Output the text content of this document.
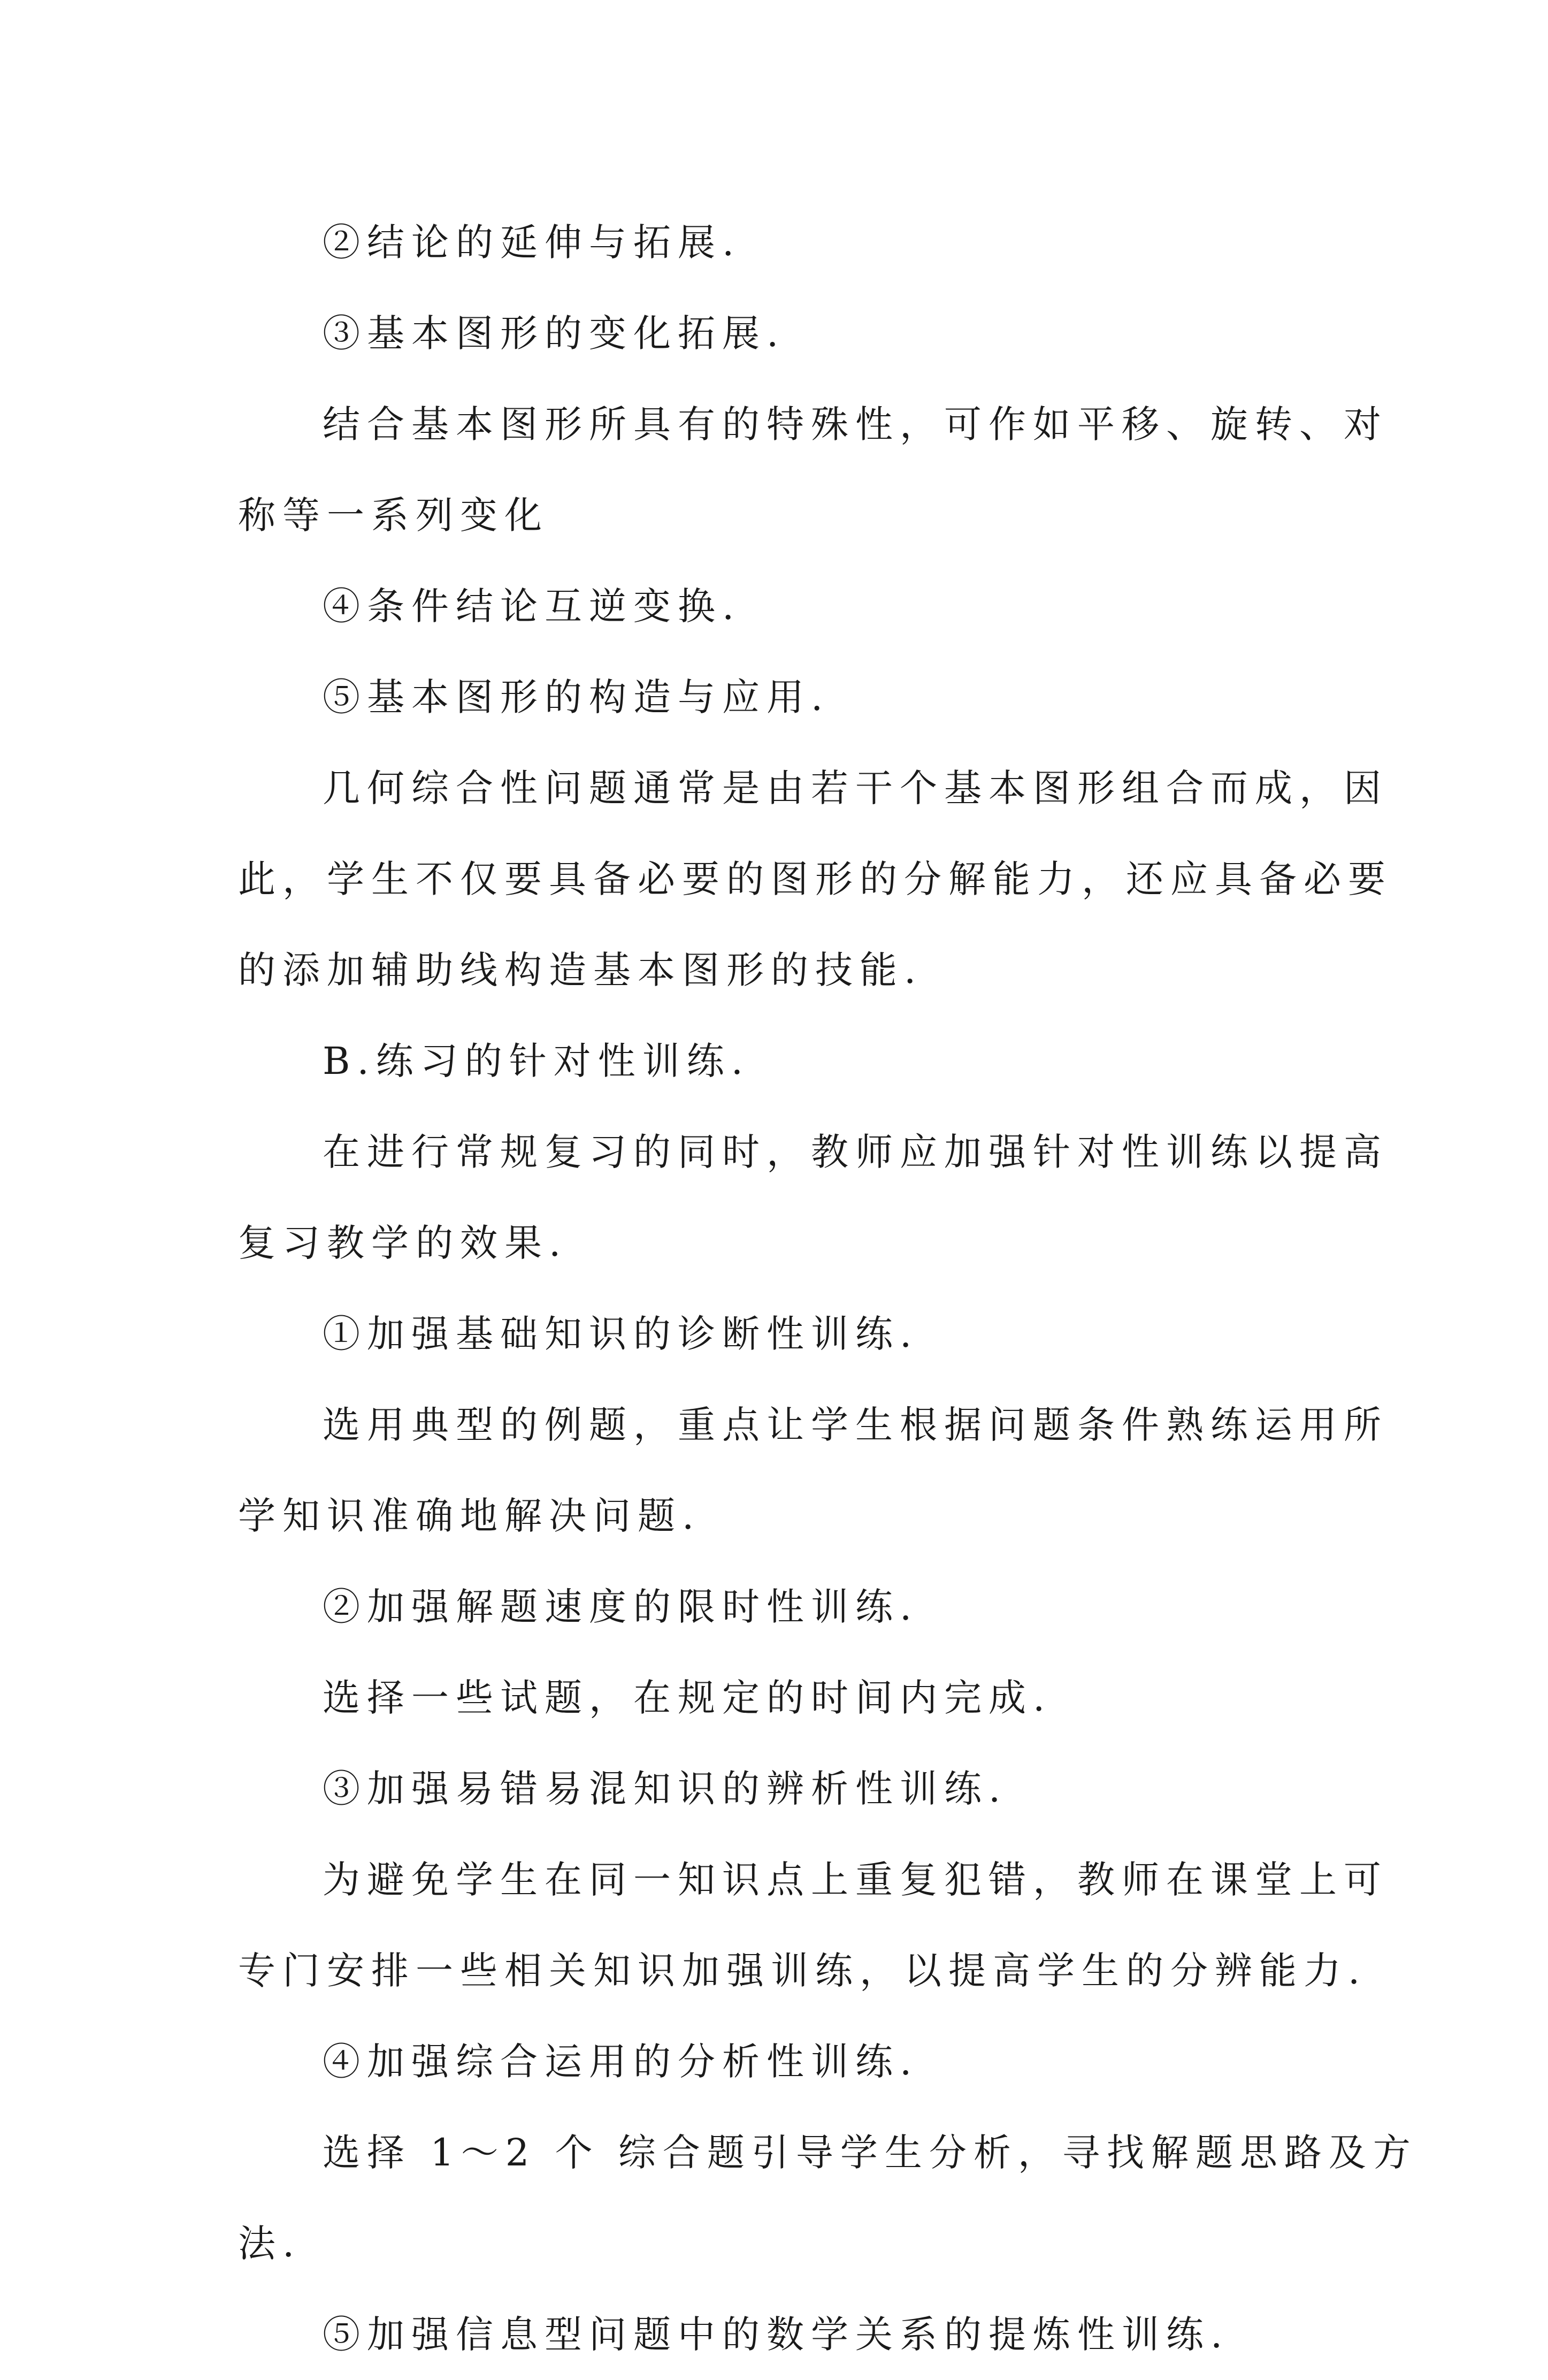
②结论的延伸与拓展.

③基本图形的变化拓展.

结合基本图形所具有的特殊性，可作如平移、旋转、对

称等一系列变化

④条件结论互逆变换.

⑤基本图形的构造与应用.

几何综合性问题通常是由若干个基本图形组合而成，因

此，学生不仅要具备必要的图形的分解能力，还应具备必要

的添加辅助线构造基本图形的技能.

B.练习的针对性训练.

在进行常规复习的同时，教师应加强针对性训练以提高

复习教学的效果.

①加强基础知识的诊断性训练.

选用典型的例题，重点让学生根据问题条件熟练运用所

学知识准确地解决问题.

②加强解题速度的限时性训练.

选择一些试题，在规定的时间内完成.

③加强易错易混知识的辨析性训练.

为避免学生在同一知识点上重复犯错，教师在课堂上可

专门安排一些相关知识加强训练，以提高学生的分辨能力.

④加强综合运用的分析性训练.

选择 1～2 个 综合题引导学生分析，寻找解题思路及方

法.

⑤加强信息型问题中的数学关系的提炼性训练.
